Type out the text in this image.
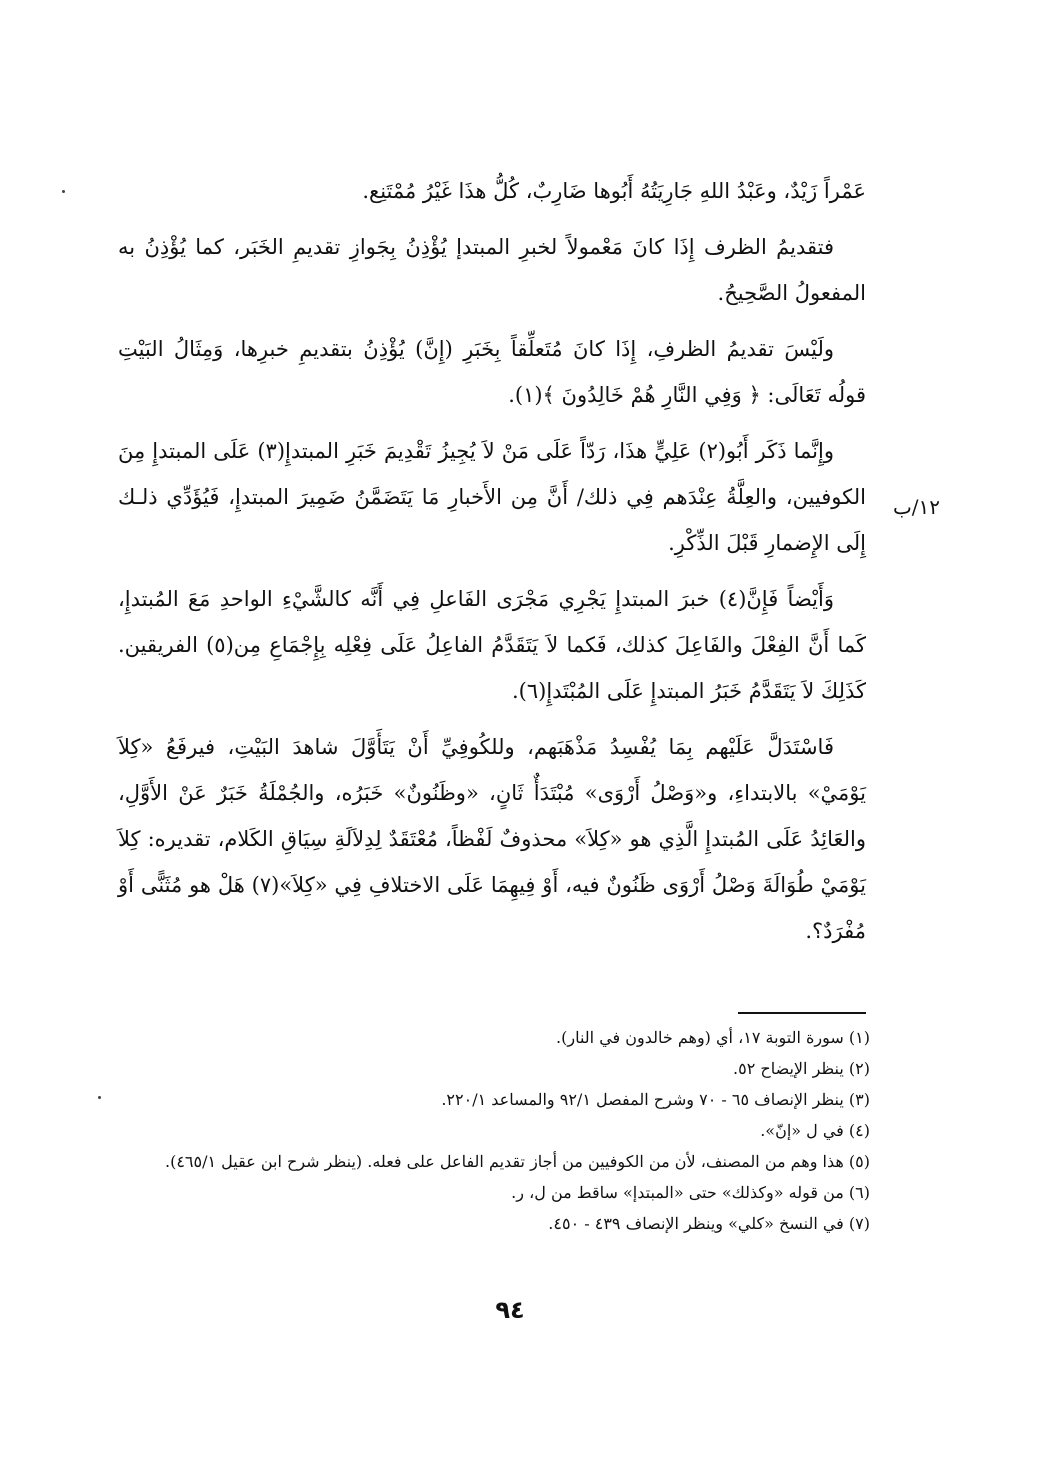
عَمْراً زَيْدٌ، وعَبْدُ اللهِ جَارِيَتُهُ أَبُوها ضَارِبٌ، كُلُّ هذَا غَيْرُ مُمْتَنِع.

فتقديمُ الظرف إِذَا كانَ مَعْمولاً لخبرِ المبتدإ يُؤْذِنُ بِجَوازِ تقديمِ الخَبَر، كما يُؤْذِنُ به المفعولُ الصَّحِيحُ.

ولَيْسَ تقديمُ الظرفِ، إِذَا كانَ مُتَعلِّقاً بِخَبَرِ (إِنَّ) يُؤْذِنُ بتقديمِ خبرِها، وَمِثَالُ البَيْتِ قولُه تَعَالَى: ﴿ وَفِي النَّارِ هُمْ خَالِدُونَ ﴾(١).

وإِنَّما ذَكَر أَبُو(٢) عَلِيٍّ هذَا، رَدّاً عَلَى مَنْ لاَ يُجِيزُ تَقْدِيمَ خَبَرِ المبتدإِ(٣) عَلَى المبتدإِ مِنَ الكوفيين، والعِلَّةُ عِنْدَهم فِي ذلك/ أَنَّ مِن الأَخبارِ مَا يَتَضَمَّنُ ضَمِيرَ المبتدإِ، فَيُؤَدِّي ذلـك إِلَى الإِضمارِ قَبْلَ الذِّكْرِ.

وَأَيْضاً فَإِنَّ(٤) خبرَ المبتدإِ يَجْرِي مَجْرَى الفَاعلِ فِي أَنَّه كالشَّيْءِ الواحدِ مَعَ المُبتدإِ، كَما أَنَّ الفِعْلَ والفَاعِلَ كذلك، فَكما لاَ يَتَقَدَّمُ الفاعِلُ عَلَى فِعْلِه بِإِجْمَاعِ مِن(٥) الفريقين. كَذَلِكَ لاَ يَتَقَدَّمُ خَبَرُ المبتدإِ عَلَى المُبْتَدإِ(٦).

فَاسْتَدَلَّ عَلَيْهم بِمَا يُفْسِدُ مَذْهَبَهم، وللكُوفِيِّ أَنْ يَتَأَوَّلَ شاهدَ البَيْتِ، فيرفَعُ «كِلاَ يَوْمَيْ» بالابتداءِ، و«وَصْلُ أَرْوَى» مُبْتَدَأٌ ثَانٍ، «وظَنُونٌ» خَبَرُه، والجُمْلَةُ خَبَرٌ عَنْ الأَوَّلِ، والعَائِدُ عَلَى المُبتدإِ الَّذِي هو «كِلاَ» محذوفٌ لَفْظاً، مُعْتَقَدٌ لِدِلاَلَةِ سِيَاقِ الكَلام، تقديره: كِلاَ يَوْمَيْ طُوَالَةَ وَصْلُ أَرْوَى ظَنُونٌ فيه، أَوْ فِيهِمَا عَلَى الاختلافِ فِي «كِلاَ»(٧) هَلْ هو مُثَنًّى أَوْ مُفْرَدٌ؟.

١٢/ب

(١) سورة التوبة ١٧، أي (وهم خالدون في النار).

(٢) ينظر الإيضاح ٥٢.

(٣) ينظر الإنصاف ٦٥ - ٧٠ وشرح المفصل ٩٢/١ والمساعد ٢٢٠/١.

(٤) في ل «إنّ».

(٥) هذا وهم من المصنف، لأن من الكوفيين من أجاز تقديم الفاعل على فعله. (ينظر شرح ابن عقيل ٤٦٥/١).

(٦) من قوله «وكذلك» حتى «المبتدإ» ساقط من ل، ر.

(٧) في النسخ «كلي» وينظر الإنصاف ٤٣٩ - ٤٥٠.

٩٤
